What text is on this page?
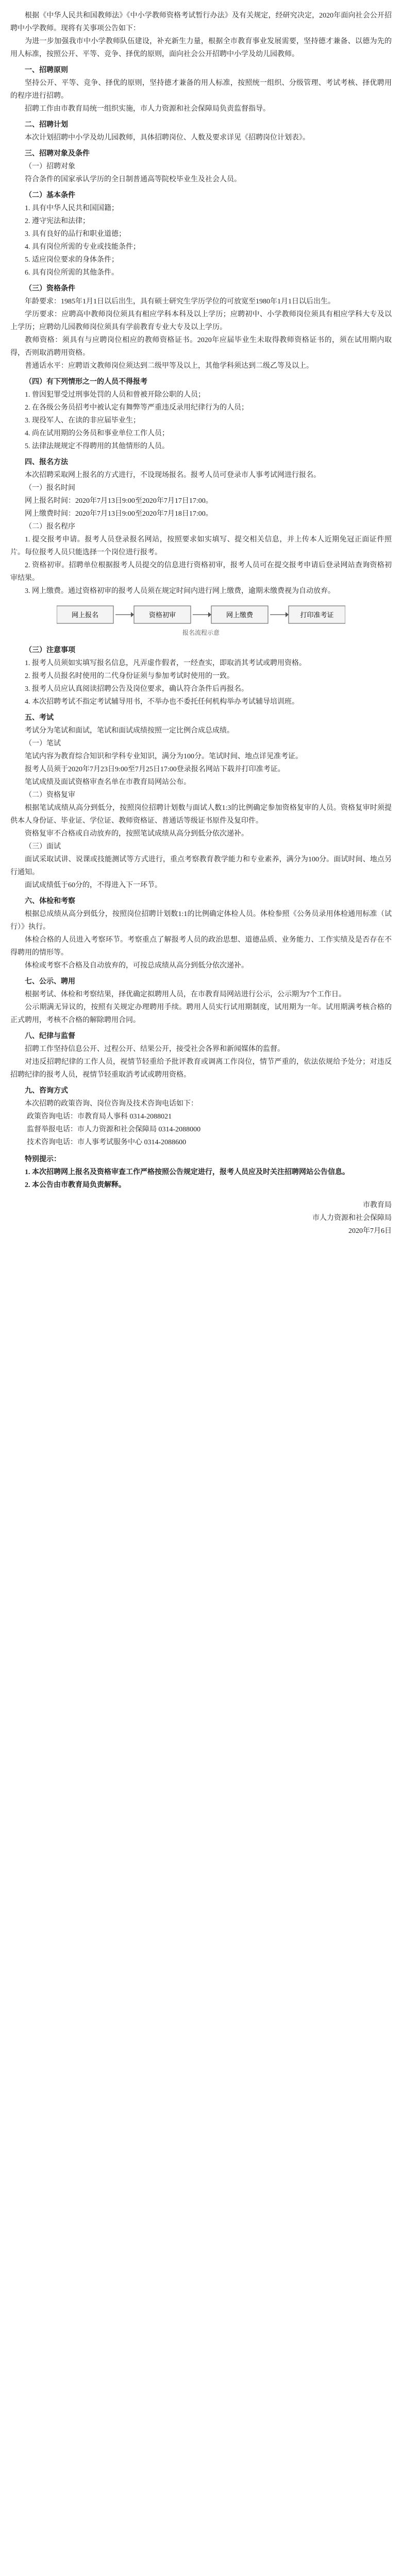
根据《中华人民共和国教师法》《中小学教师资格考试暂行办法》及有关规定，经研究决定，2020年面向社会公开招聘中小学教师。现将有关事项公告如下：

为进一步加强我市中小学教师队伍建设，补充新生力量，根据全市教育事业发展需要，坚持德才兼备、以德为先的用人标准，按照公开、平等、竞争、择优的原则，面向社会公开招聘中小学及幼儿园教师。

一、招聘原则

坚持公开、平等、竞争、择优的原则，坚持德才兼备的用人标准，按照统一组织、分级管理、考试考核、择优聘用的程序进行招聘。

招聘工作由市教育局统一组织实施，市人力资源和社会保障局负责监督指导。

二、招聘计划

本次计划招聘中小学及幼儿园教师，具体招聘岗位、人数及要求详见《招聘岗位计划表》。

三、招聘对象及条件

（一）招聘对象

符合条件的国家承认学历的全日制普通高等院校毕业生及社会人员。

（二）基本条件

1. 具有中华人民共和国国籍；

2. 遵守宪法和法律；

3. 具有良好的品行和职业道德；

4. 具有岗位所需的专业或技能条件；

5. 适应岗位要求的身体条件；

6. 具有岗位所需的其他条件。

（三）资格条件

年龄要求：1985年1月1日以后出生，具有硕士研究生学历学位的可放宽至1980年1月1日以后出生。

学历要求：应聘高中教师岗位须具有相应学科本科及以上学历；应聘初中、小学教师岗位须具有相应学科大专及以上学历；应聘幼儿园教师岗位须具有学前教育专业大专及以上学历。

教师资格：须具有与应聘岗位相应的教师资格证书。2020年应届毕业生未取得教师资格证书的，须在试用期内取得，否则取消聘用资格。

普通话水平：应聘语文教师岗位须达到二级甲等及以上，其他学科须达到二级乙等及以上。

（四）有下列情形之一的人员不得报考

1. 曾因犯罪受过刑事处罚的人员和曾被开除公职的人员；

2. 在各级公务员招考中被认定有舞弊等严重违反录用纪律行为的人员；

3. 现役军人、在读的非应届毕业生；

4. 尚在试用期的公务员和事业单位工作人员；

5. 法律法规规定不得聘用的其他情形的人员。

四、报名方法

本次招聘采取网上报名的方式进行，不设现场报名。报考人员可登录市人事考试网进行报名。

（一）报名时间

网上报名时间：2020年7月13日9:00至2020年7月17日17:00。

网上缴费时间：2020年7月13日9:00至2020年7月18日17:00。

（二）报名程序

1. 提交报考申请。报考人员登录报名网站，按照要求如实填写、提交相关信息，并上传本人近期免冠正面证件照片。每位报考人员只能选择一个岗位进行报考。

2. 资格初审。招聘单位根据报考人员提交的信息进行资格初审，报考人员可在提交报考申请后登录网站查询资格初审结果。

3. 网上缴费。通过资格初审的报考人员须在规定时间内进行网上缴费，逾期未缴费视为自动放弃。

网上报名	资格初审	网上缴费	打印准考证
报名流程示意

（三）注意事项

1. 报考人员须如实填写报名信息，凡弄虚作假者，一经查实，即取消其考试或聘用资格。

2. 报考人员报名时使用的二代身份证须与参加考试时使用的一致。

3. 报考人员应认真阅读招聘公告及岗位要求，确认符合条件后再报名。

4. 本次招聘考试不指定考试辅导用书，不举办也不委托任何机构举办考试辅导培训班。

五、考试

考试分为笔试和面试，笔试和面试成绩按照一定比例合成总成绩。

（一）笔试

笔试内容为教育综合知识和学科专业知识，满分为100分。笔试时间、地点详见准考证。

报考人员须于2020年7月23日9:00至7月25日17:00登录报名网站下载并打印准考证。

笔试成绩及面试资格审查名单在市教育局网站公布。

（二）资格复审

根据笔试成绩从高分到低分，按照岗位招聘计划数与面试人数1:3的比例确定参加资格复审的人员。资格复审时须提供本人身份证、毕业证、学位证、教师资格证、普通话等级证书原件及复印件。

资格复审不合格或自动放弃的，按照笔试成绩从高分到低分依次递补。

（三）面试

面试采取试讲、说课或技能测试等方式进行，重点考察教育教学能力和专业素养，满分为100分。面试时间、地点另行通知。

面试成绩低于60分的，不得进入下一环节。

六、体检和考察

根据总成绩从高分到低分，按照岗位招聘计划数1:1的比例确定体检人员。体检参照《公务员录用体检通用标准（试行）》执行。

体检合格的人员进入考察环节。考察重点了解报考人员的政治思想、道德品质、业务能力、工作实绩及是否存在不得聘用的情形等。

体检或考察不合格及自动放弃的，可按总成绩从高分到低分依次递补。

七、公示、聘用

根据考试、体检和考察结果，择优确定拟聘用人员，在市教育局网站进行公示，公示期为7个工作日。

公示期满无异议的，按照有关规定办理聘用手续。聘用人员实行试用期制度，试用期为一年。试用期满考核合格的正式聘用，考核不合格的解除聘用合同。

八、纪律与监督

招聘工作坚持信息公开、过程公开、结果公开，接受社会各界和新闻媒体的监督。

对违反招聘纪律的工作人员，视情节轻重给予批评教育或调离工作岗位，情节严重的，依法依规给予处分；对违反招聘纪律的报考人员，视情节轻重取消考试或聘用资格。

九、咨询方式

本次招聘的政策咨询、岗位咨询及技术咨询电话如下：

政策咨询电话：市教育局人事科 0314-2088021

监督举报电话：市人力资源和社会保障局 0314-2088000

技术咨询电话：市人事考试服务中心 0314-2088600

特别提示：

1. 本次招聘网上报名及资格审查工作严格按照公告规定进行，报考人员应及时关注招聘网站公告信息。

2. 本公告由市教育局负责解释。

市教育局

市人力资源和社会保障局

2020年7月6日
